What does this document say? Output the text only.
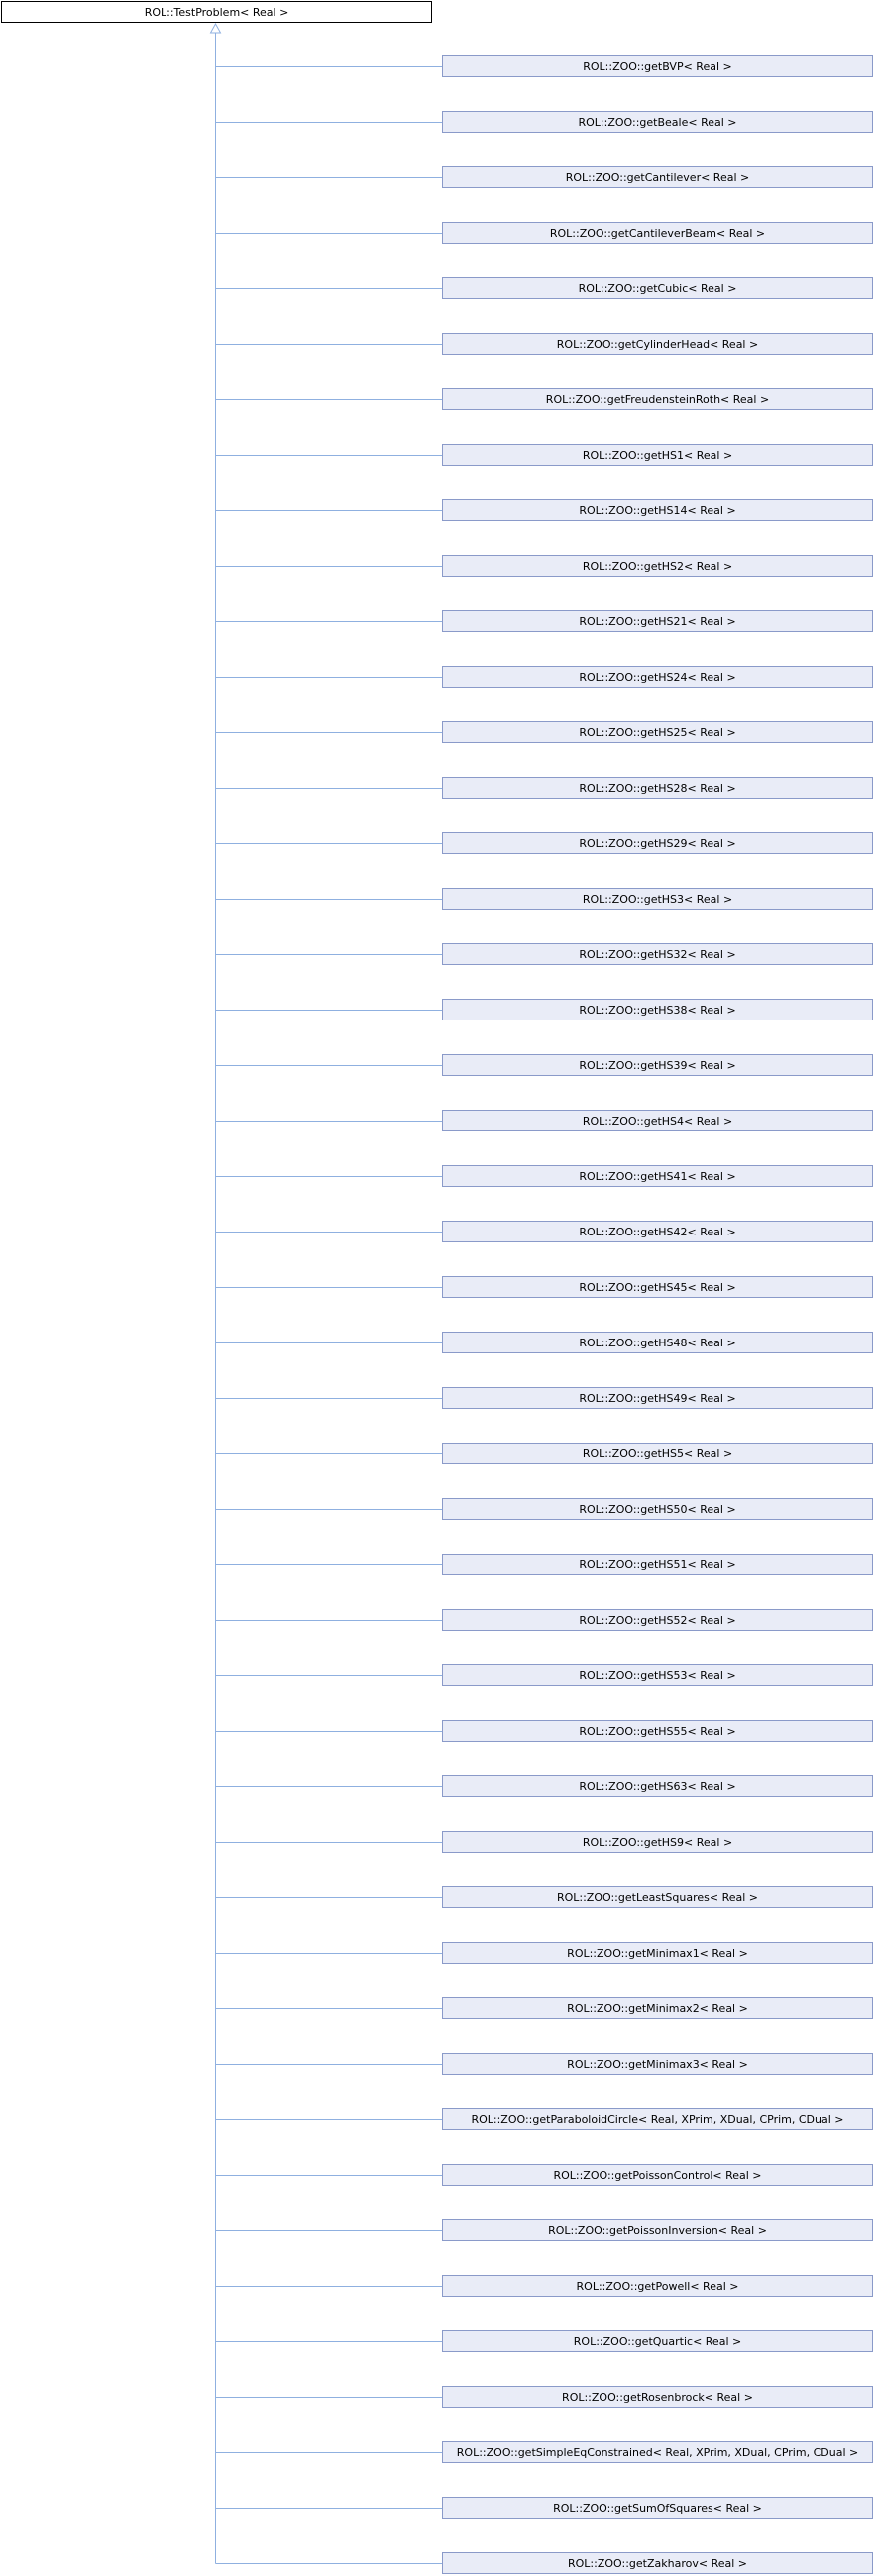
ROL::TestProblem< Real >
ROL::ZOO::getBVP< Real >
ROL::ZOO::getBeale< Real >
ROL::ZOO::getCantilever< Real >
ROL::ZOO::getCantileverBeam< Real >
ROL::ZOO::getCubic< Real >
ROL::ZOO::getCylinderHead< Real >
ROL::ZOO::getFreudensteinRoth< Real >
ROL::ZOO::getHS1< Real >
ROL::ZOO::getHS14< Real >
ROL::ZOO::getHS2< Real >
ROL::ZOO::getHS21< Real >
ROL::ZOO::getHS24< Real >
ROL::ZOO::getHS25< Real >
ROL::ZOO::getHS28< Real >
ROL::ZOO::getHS29< Real >
ROL::ZOO::getHS3< Real >
ROL::ZOO::getHS32< Real >
ROL::ZOO::getHS38< Real >
ROL::ZOO::getHS39< Real >
ROL::ZOO::getHS4< Real >
ROL::ZOO::getHS41< Real >
ROL::ZOO::getHS42< Real >
ROL::ZOO::getHS45< Real >
ROL::ZOO::getHS48< Real >
ROL::ZOO::getHS49< Real >
ROL::ZOO::getHS5< Real >
ROL::ZOO::getHS50< Real >
ROL::ZOO::getHS51< Real >
ROL::ZOO::getHS52< Real >
ROL::ZOO::getHS53< Real >
ROL::ZOO::getHS55< Real >
ROL::ZOO::getHS63< Real >
ROL::ZOO::getHS9< Real >
ROL::ZOO::getLeastSquares< Real >
ROL::ZOO::getMinimax1< Real >
ROL::ZOO::getMinimax2< Real >
ROL::ZOO::getMinimax3< Real >
ROL::ZOO::getParaboloidCircle< Real, XPrim, XDual, CPrim, CDual >
ROL::ZOO::getPoissonControl< Real >
ROL::ZOO::getPoissonInversion< Real >
ROL::ZOO::getPowell< Real >
ROL::ZOO::getQuartic< Real >
ROL::ZOO::getRosenbrock< Real >
ROL::ZOO::getSimpleEqConstrained< Real, XPrim, XDual, CPrim, CDual >
ROL::ZOO::getSumOfSquares< Real >
ROL::ZOO::getZakharov< Real >
